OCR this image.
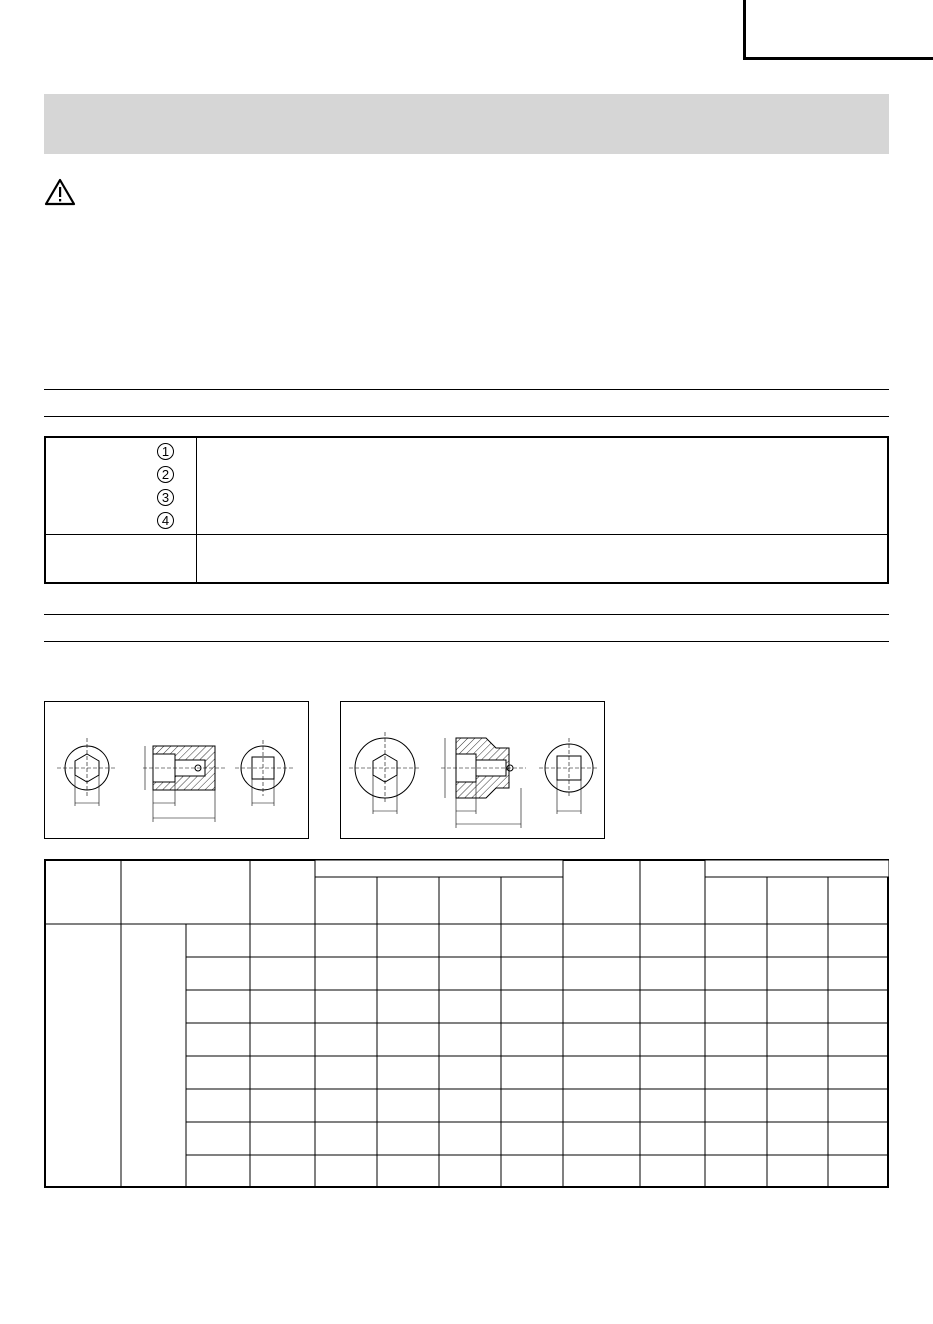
1
2
3
4
